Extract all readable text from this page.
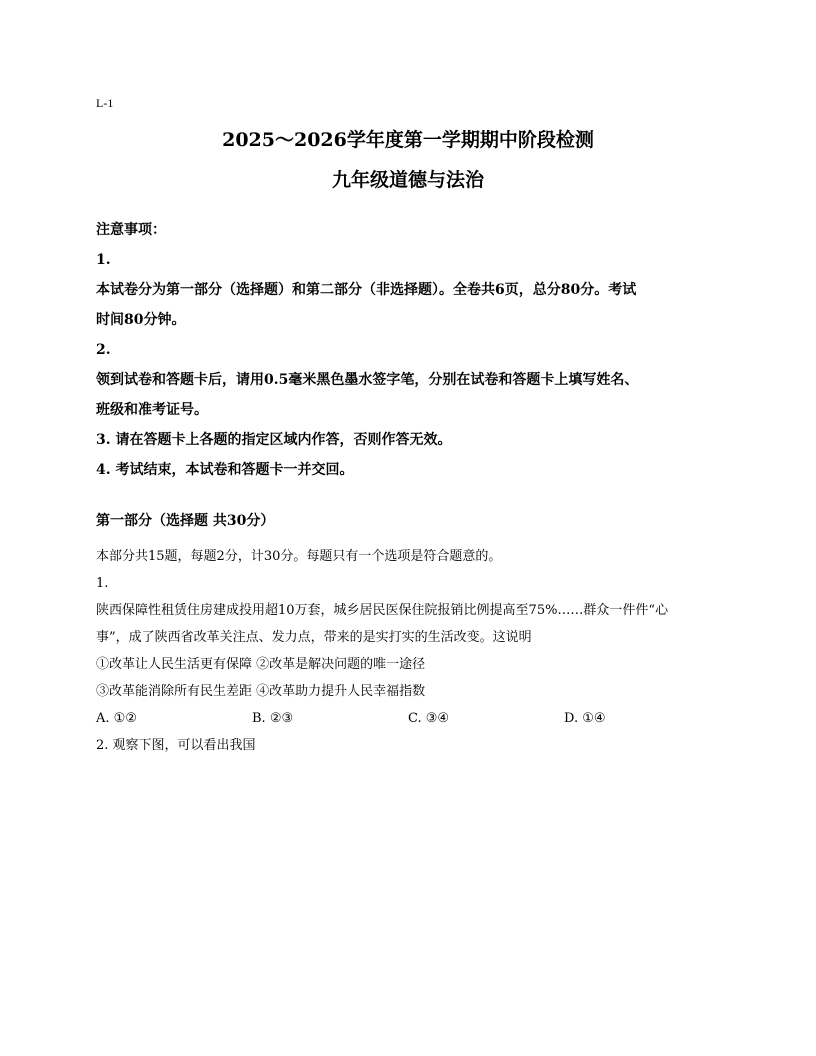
L-1
2025～2026学年度第一学期期中阶段检测
九年级道德与法治
注意事项：
1.
本试卷分为第一部分（选择题）和第二部分（非选择题）。全卷共6页，总分80分。考试
时间80分钟。
2.
领到试卷和答题卡后，请用0.5毫米黑色墨水签字笔，分别在试卷和答题卡上填写姓名、
班级和准考证号。
3. 请在答题卡上各题的指定区域内作答，否则作答无效。
4. 考试结束，本试卷和答题卡一并交回。
第一部分（选择题 共30分）
本部分共15题，每题2分，计30分。每题只有一个选项是符合题意的。
1.
陕西保障性租赁住房建成投用超10万套，城乡居民医保住院报销比例提高至75%……群众一件件“心
事”，成了陕西省改革关注点、发力点，带来的是实打实的生活改变。这说明
①改革让人民生活更有保障 ②改革是解决问题的唯一途径
③改革能消除所有民生差距 ④改革助力提升人民幸福指数
A. ①②	B. ②③	C. ③④	D. ①④
2. 观察下图，可以看出我国
